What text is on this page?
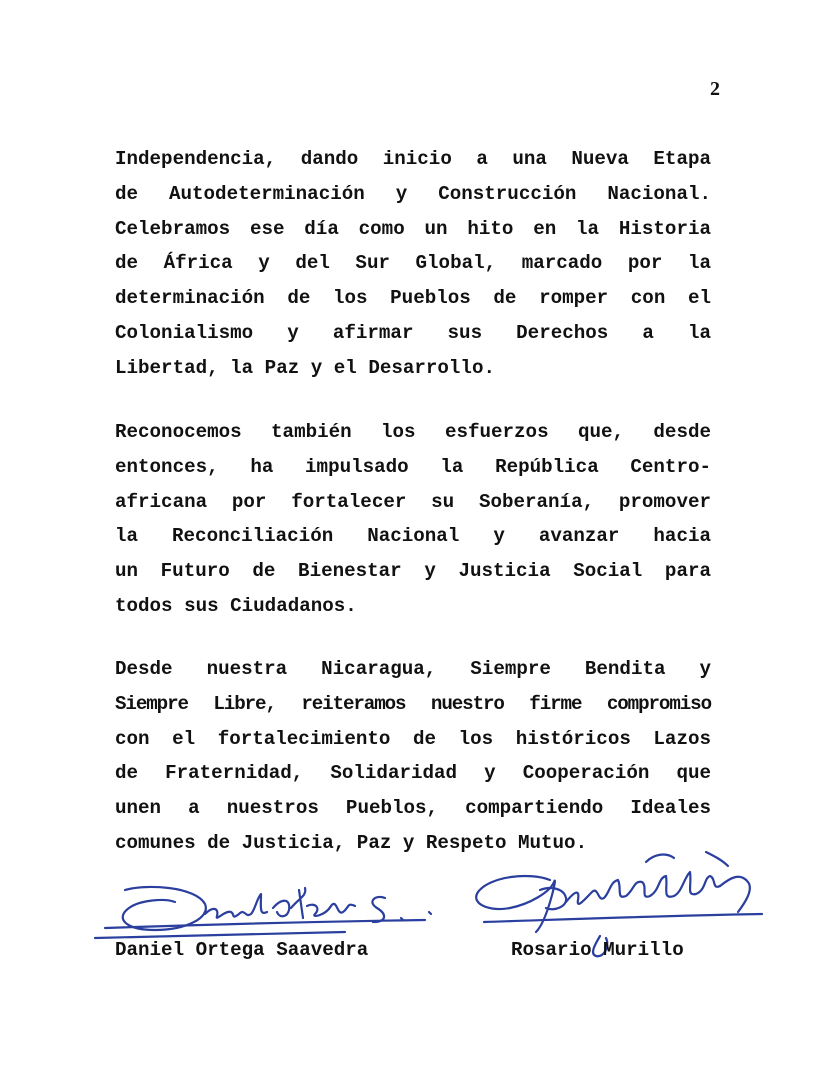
2

Independencia, dando inicio a una Nueva Etapa
de Autodeterminación y Construcción Nacional.
Celebramos ese día como un hito en la Historia
de África y del Sur Global, marcado por la
determinación de los Pueblos de romper con el
Colonialismo y afirmar sus Derechos a la
Libertad, la Paz y el Desarrollo.

Reconocemos también los esfuerzos que, desde
entonces, ha impulsado la República Centro-
africana por fortalecer su Soberanía, promover
la Reconciliación Nacional y avanzar hacia
un Futuro de Bienestar y Justicia Social para
todos sus Ciudadanos.

Desde nuestra Nicaragua, Siempre Bendita y
Siempre Libre, reiteramos nuestro firme compromiso
con el fortalecimiento de los históricos Lazos
de Fraternidad, Solidaridad y Cooperación que
unen a nuestros Pueblos, compartiendo Ideales
comunes de Justicia, Paz y Respeto Mutuo.

Daniel Ortega Saavedra	Rosario Murillo
